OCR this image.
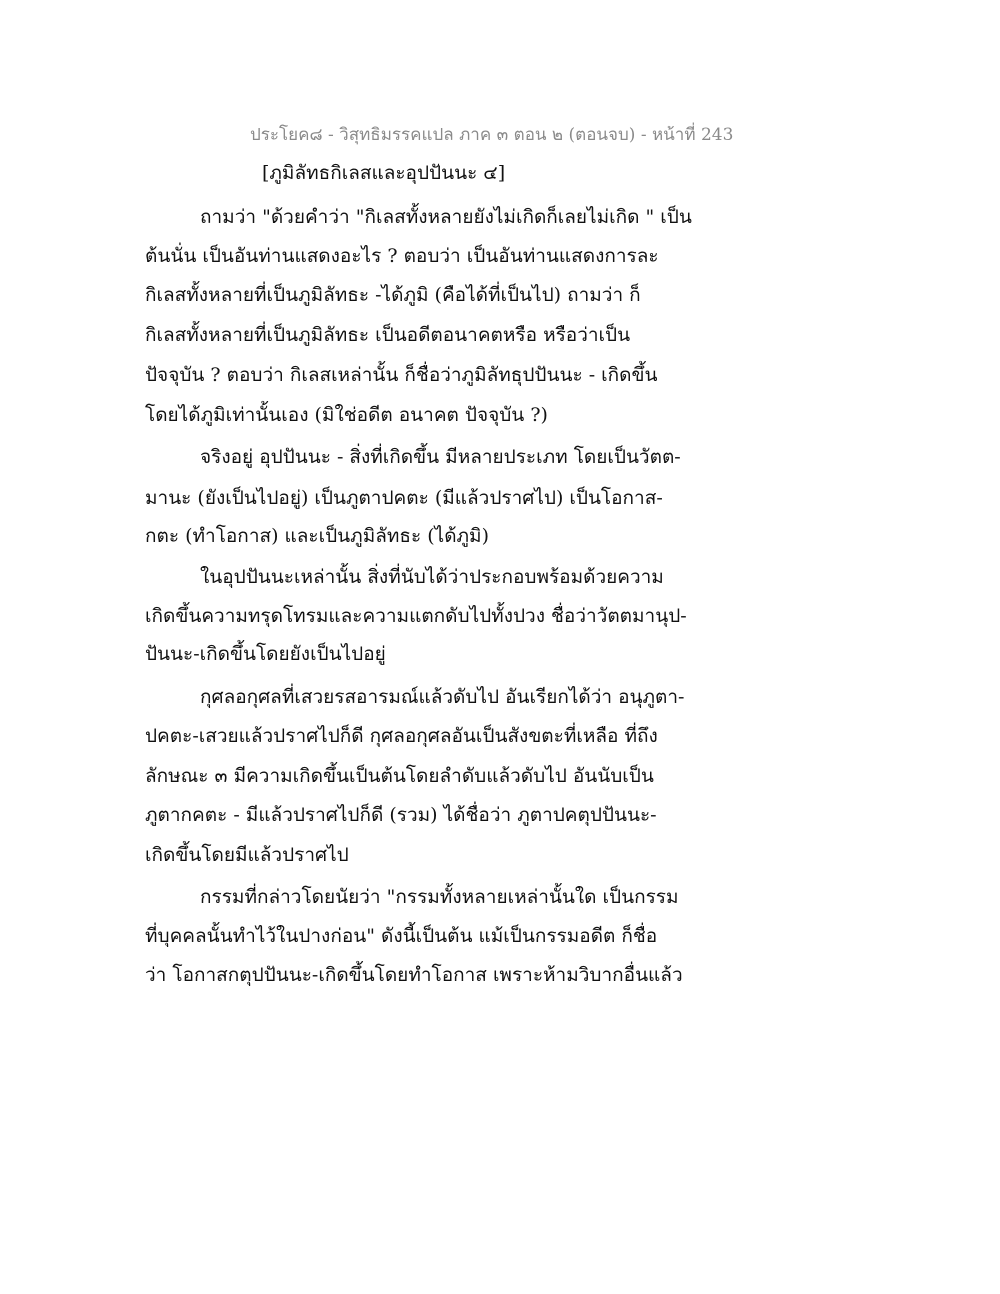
ประโยค๘ - วิสุทธิมรรคแปล ภาค ๓ ตอน ๒ (ตอนจบ) - หน้าที่ 243
[ภูมิลัทธกิเลสและอุปปันนะ ๔]
ถามว่า "ด้วยคำว่า "กิเลสทั้งหลายยังไม่เกิดก็เลยไม่เกิด " เป็น
ต้นนั่น เป็นอันท่านแสดงอะไร ? ตอบว่า เป็นอันท่านแสดงการละ
กิเลสทั้งหลายที่เป็นภูมิลัทธะ -ได้ภูมิ (คือได้ที่เป็นไป) ถามว่า ก็
กิเลสทั้งหลายที่เป็นภูมิลัทธะ เป็นอดีตอนาคตหรือ หรือว่าเป็น
ปัจจุบัน ? ตอบว่า กิเลสเหล่านั้น ก็ชื่อว่าภูมิลัทธุปปันนะ - เกิดขึ้น
โดยได้ภูมิเท่านั้นเอง (มิใช่อดีต อนาคต ปัจจุบัน ?)
จริงอยู่ อุปปันนะ - สิ่งที่เกิดขึ้น มีหลายประเภท โดยเป็นวัตต-
มานะ (ยังเป็นไปอยู่) เป็นภูตาปคตะ (มีแล้วปราศไป) เป็นโอกาส-
กตะ (ทำโอกาส) และเป็นภูมิลัทธะ (ได้ภูมิ)
ในอุปปันนะเหล่านั้น สิ่งที่นับได้ว่าประกอบพร้อมด้วยความ
เกิดขึ้นความทรุดโทรมและความแตกดับไปทั้งปวง ชื่อว่าวัตตมานุป-
ปันนะ-เกิดขึ้นโดยยังเป็นไปอยู่
กุศลอกุศลที่เสวยรสอารมณ์แล้วดับไป อันเรียกได้ว่า อนุภูตา-
ปคตะ-เสวยแล้วปราศไปก็ดี กุศลอกุศลอันเป็นสังขตะที่เหลือ ที่ถึง
ลักษณะ ๓ มีความเกิดขึ้นเป็นต้นโดยลำดับแล้วดับไป อันนับเป็น
ภูตากคตะ - มีแล้วปราศไปก็ดี (รวม) ได้ชื่อว่า ภูตาปคตุปปันนะ-
เกิดขึ้นโดยมีแล้วปราศไป
กรรมที่กล่าวโดยนัยว่า "กรรมทั้งหลายเหล่านั้นใด เป็นกรรม
ที่บุคคลนั้นทำไว้ในปางก่อน" ดังนี้เป็นต้น แม้เป็นกรรมอดีต ก็ชื่อ
ว่า โอกาสกตุปปันนะ-เกิดขึ้นโดยทำโอกาส เพราะห้ามวิบากอื่นแล้ว
